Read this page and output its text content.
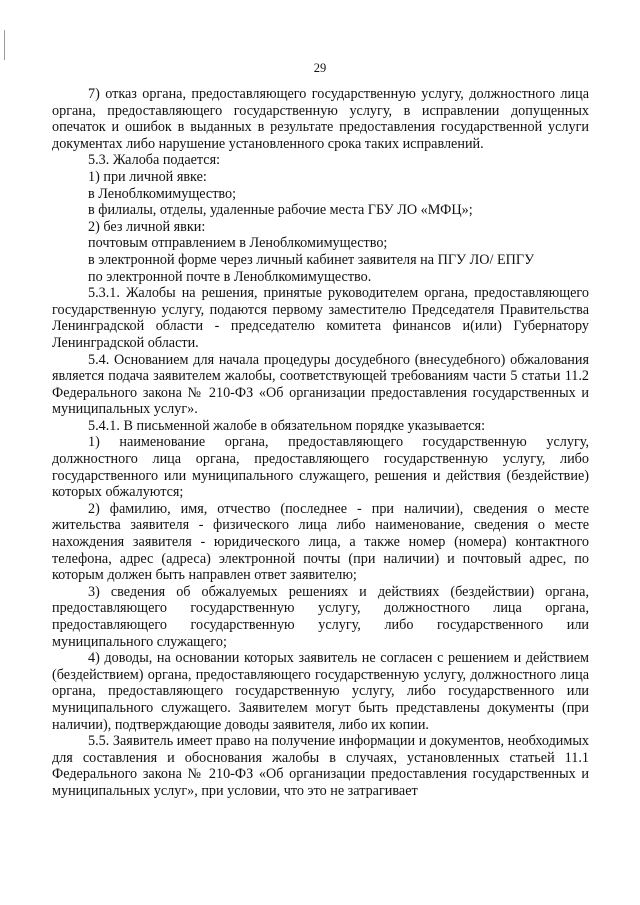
29

7) отказ органа, предоставляющего государственную услугу, должностного лица органа, предоставляющего государственную услугу, в исправлении допущенных опечаток и ошибок в выданных в результате предоставления государственной услуги документах либо нарушение установленного срока таких исправлений.

5.3. Жалоба подается:

1) при личной явке:

в Леноблкомимущество;

в филиалы, отделы, удаленные рабочие места ГБУ ЛО «МФЦ»;

2) без личной явки:

почтовым отправлением в Леноблкомимущество;

в электронной форме через личный кабинет заявителя на ПГУ ЛО/ ЕПГУ

по электронной почте в Леноблкомимущество.

5.3.1. Жалобы на решения, принятые руководителем органа, предоставляющего государственную услугу, подаются первому заместителю Председателя Правительства Ленинградской области - председателю комитета финансов и(или) Губернатору Ленинградской области.

5.4. Основанием для начала процедуры досудебного (внесудебного) обжалования является подача заявителем жалобы, соответствующей требованиям части 5 статьи 11.2 Федерального закона № 210-ФЗ «Об организации предоставления государственных и муниципальных услуг».

5.4.1. В письменной жалобе в обязательном порядке указывается:

1) наименование органа, предоставляющего государственную услугу, должностного лица органа, предоставляющего государственную услугу, либо государственного или муниципального служащего, решения и действия (бездействие) которых обжалуются;

2) фамилию, имя, отчество (последнее - при наличии), сведения о месте жительства заявителя - физического лица либо наименование, сведения о месте нахождения заявителя - юридического лица, а также номер (номера) контактного телефона, адрес (адреса) электронной почты (при наличии) и почтовый адрес, по которым должен быть направлен ответ заявителю;

3) сведения об обжалуемых решениях и действиях (бездействии) органа, предоставляющего государственную услугу, должностного лица органа, предоставляющего государственную услугу, либо государственного или муниципального служащего;

4) доводы, на основании которых заявитель не согласен с решением и действием (бездействием) органа, предоставляющего государственную услугу, должностного лица органа, предоставляющего государственную услугу, либо государственного или муниципального служащего. Заявителем могут быть представлены документы (при наличии), подтверждающие доводы заявителя, либо их копии.

5.5. Заявитель имеет право на получение информации и документов, необходимых для составления и обоснования жалобы в случаях, установленных статьей 11.1 Федерального закона № 210-ФЗ «Об организации предоставления государственных и муниципальных услуг», при условии, что это не затрагивает
